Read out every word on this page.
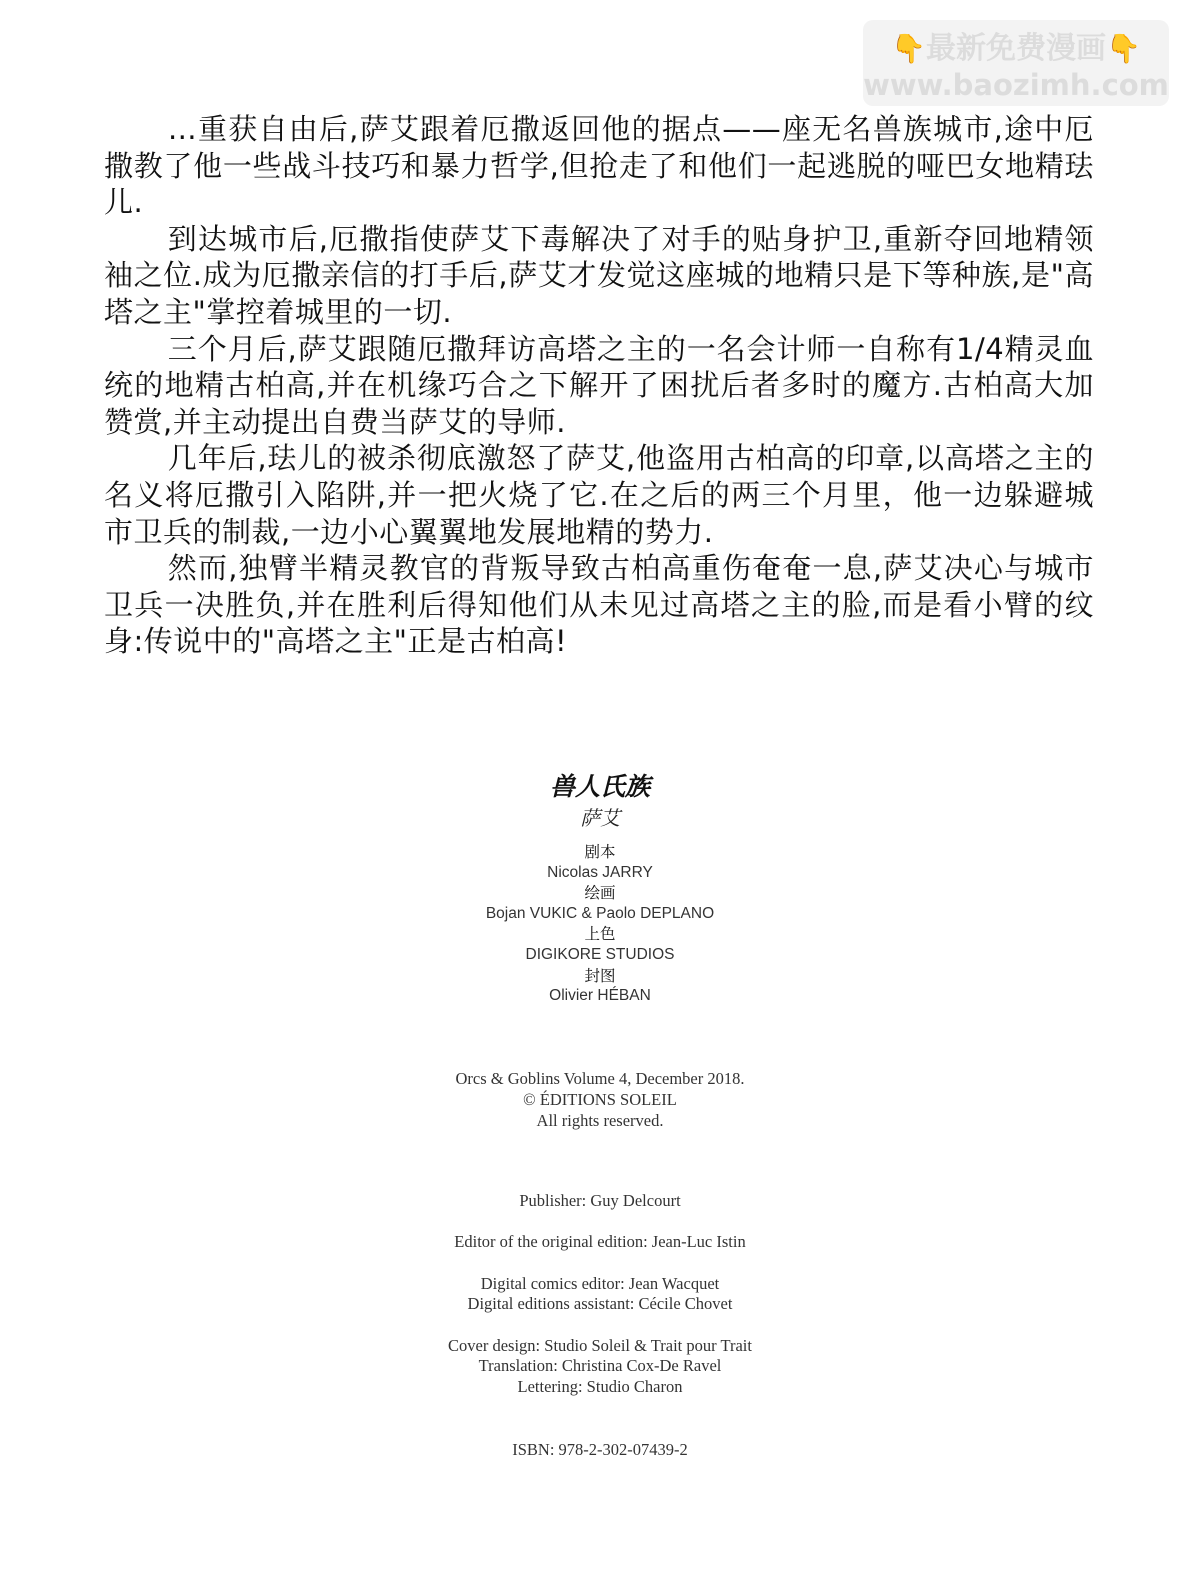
👇最新免费漫画👇
www.baozimh.com

…重获自由后,萨艾跟着厄撒返回他的据点——座无名兽族城市,途中厄撒教了他一些战斗技巧和暴力哲学,但抢走了和他们一起逃脱的哑巴女地精珐儿.

到达城市后,厄撒指使萨艾下毒解决了对手的贴身护卫,重新夺回地精领袖之位.成为厄撒亲信的打手后,萨艾才发觉这座城的地精只是下等种族,是"高塔之主"掌控着城里的一切.

三个月后,萨艾跟随厄撒拜访高塔之主的一名会计师一自称有1/4精灵血统的地精古柏高,并在机缘巧合之下解开了困扰后者多时的魔方.古柏高大加赞赏,并主动提出自费当萨艾的导师.

几年后,珐儿的被杀彻底激怒了萨艾,他盗用古柏高的印章,以高塔之主的名义将厄撒引入陷阱,并一把火烧了它.在之后的两三个月里，他一边躲避城市卫兵的制裁,一边小心翼翼地发展地精的势力.

然而,独臂半精灵教官的背叛导致古柏高重伤奄奄一息,萨艾决心与城市卫兵一决胜负,并在胜利后得知他们从未见过高塔之主的脸,而是看小臂的纹身:传说中的"高塔之主"正是古柏高!

兽人氏族
萨艾
剧本
Nicolas JARRY
绘画
Bojan VUKIC & Paolo DEPLANO
上色
DIGIKORE STUDIOS
封图
Olivier HÉBAN
Orcs & Goblins Volume 4, December 2018.
© ÉDITIONS SOLEIL
All rights reserved.
Publisher: Guy Delcourt
Editor of the original edition: Jean-Luc Istin
Digital comics editor: Jean Wacquet
Digital editions assistant: Cécile Chovet
Cover design: Studio Soleil & Trait pour Trait
Translation: Christina Cox-De Ravel
Lettering: Studio Charon
ISBN: 978-2-302-07439-2
